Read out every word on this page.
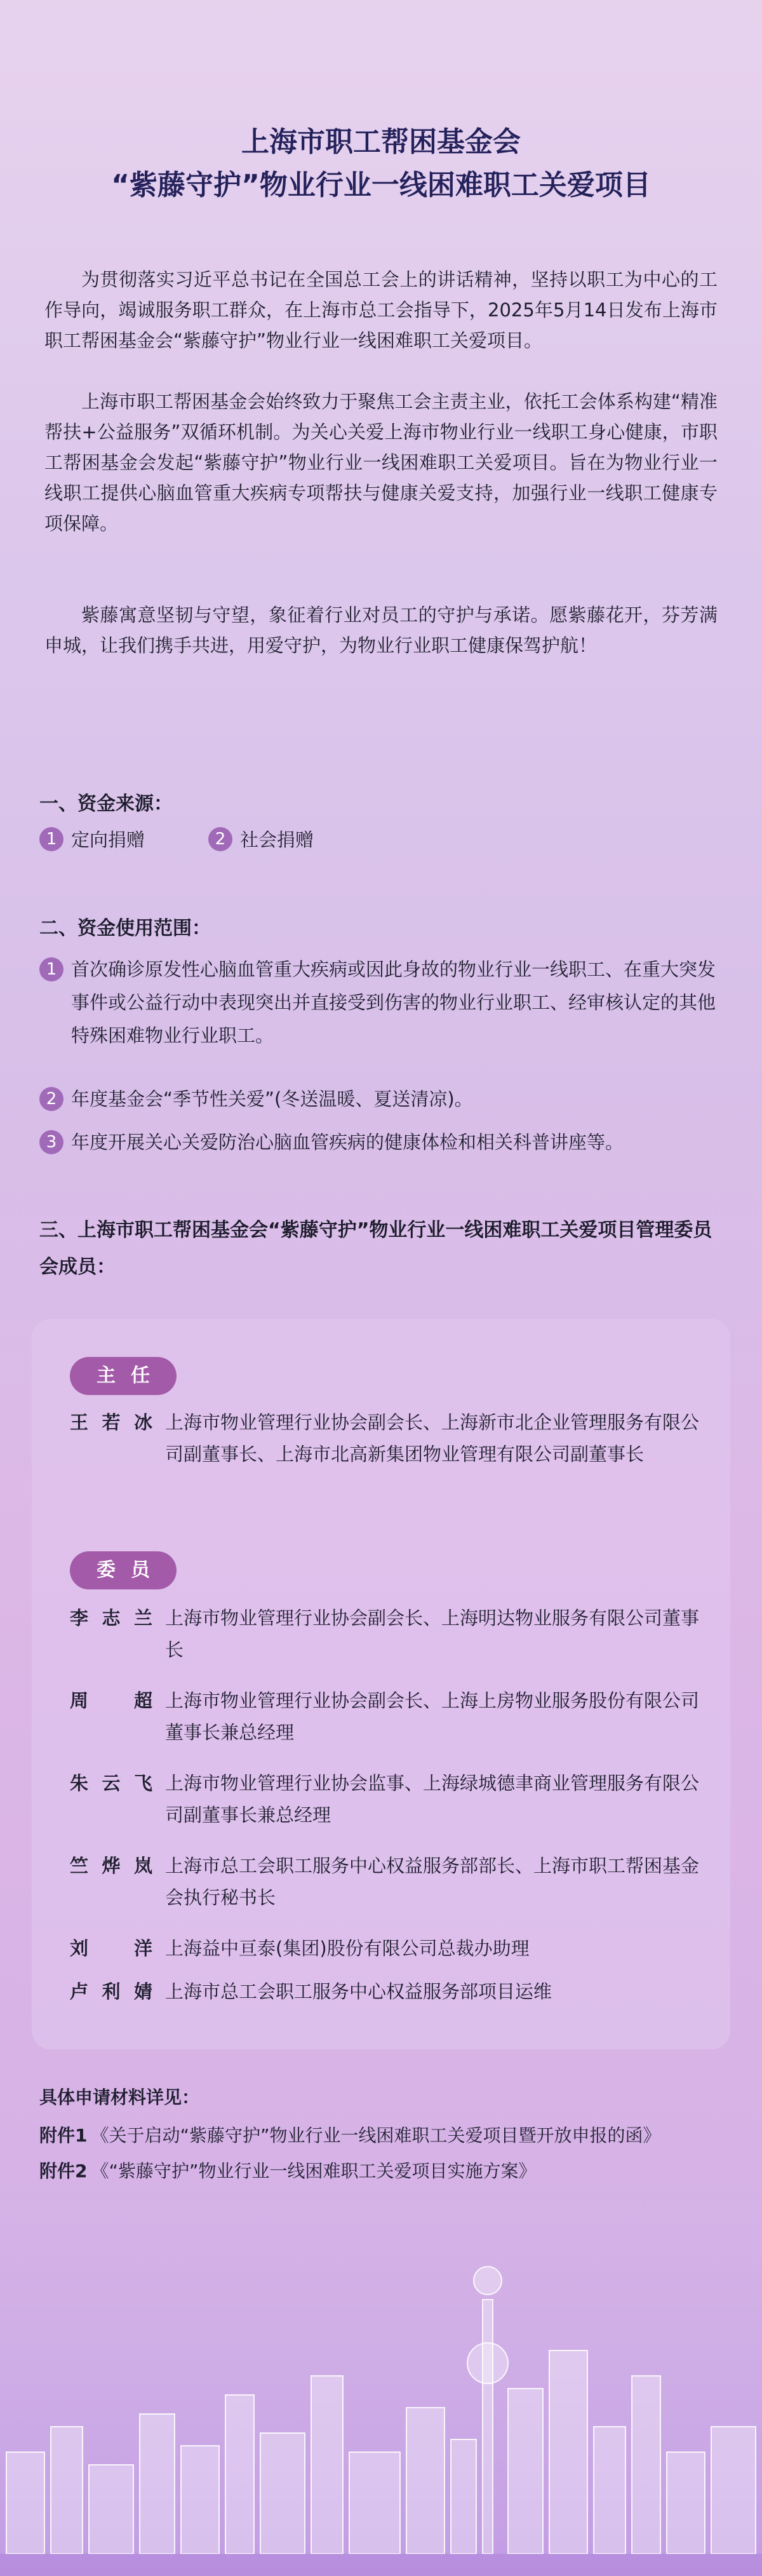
上海市职工帮困基金会
“紫藤守护”物业行业一线困难职工关爱项目

为贯彻落实习近平总书记在全国总工会上的讲话精神，坚持以职工为中心的工作导向，竭诚服务职工群众，在上海市总工会指导下，2025年5月14日发布上海市职工帮困基金会“紫藤守护”物业行业一线困难职工关爱项目。

上海市职工帮困基金会始终致力于聚焦工会主责主业，依托工会体系构建“精准帮扶+公益服务”双循环机制。为关心关爱上海市物业行业一线职工身心健康，市职工帮困基金会发起“紫藤守护”物业行业一线困难职工关爱项目。旨在为物业行业一线职工提供心脑血管重大疾病专项帮扶与健康关爱支持，加强行业一线职工健康专项保障。

紫藤寓意坚韧与守望，象征着行业对员工的守护与承诺。愿紫藤花开，芬芳满申城，让我们携手共进，用爱守护，为物业行业职工健康保驾护航！

一、资金来源：
1 定向捐赠	2 社会捐赠
二、资金使用范围：
1 首次确诊原发性心脑血管重大疾病或因此身故的物业行业一线职工、在重大突发事件或公益行动中表现突出并直接受到伤害的物业行业职工、经审核认定的其他特殊困难物业行业职工。
2 年度基金会“季节性关爱”(冬送温暖、夏送清凉)。
3 年度开展关心关爱防治心脑血管疾病的健康体检和相关科普讲座等。
三、上海市职工帮困基金会“紫藤守护”物业行业一线困难职工关爱项目管理委员会成员：
主任
王若冰 上海市物业管理行业协会副会长、上海新市北企业管理服务有限公司副董事长、上海市北高新集团物业管理有限公司副董事长
委员
李志兰 上海市物业管理行业协会副会长、上海明达物业服务有限公司董事长
周超 上海市物业管理行业协会副会长、上海上房物业服务股份有限公司董事长兼总经理
朱云飞 上海市物业管理行业协会监事、上海绿城德聿商业管理服务有限公司副董事长兼总经理
竺烨岚 上海市总工会职工服务中心权益服务部部长、上海市职工帮困基金会执行秘书长
刘洋 上海益中亘泰(集团)股份有限公司总裁办助理
卢利婧 上海市总工会职工服务中心权益服务部项目运维
具体申请材料详见：
附件1 《关于启动“紫藤守护”物业行业一线困难职工关爱项目暨开放申报的函》
附件2 《“紫藤守护”物业行业一线困难职工关爱项目实施方案》
